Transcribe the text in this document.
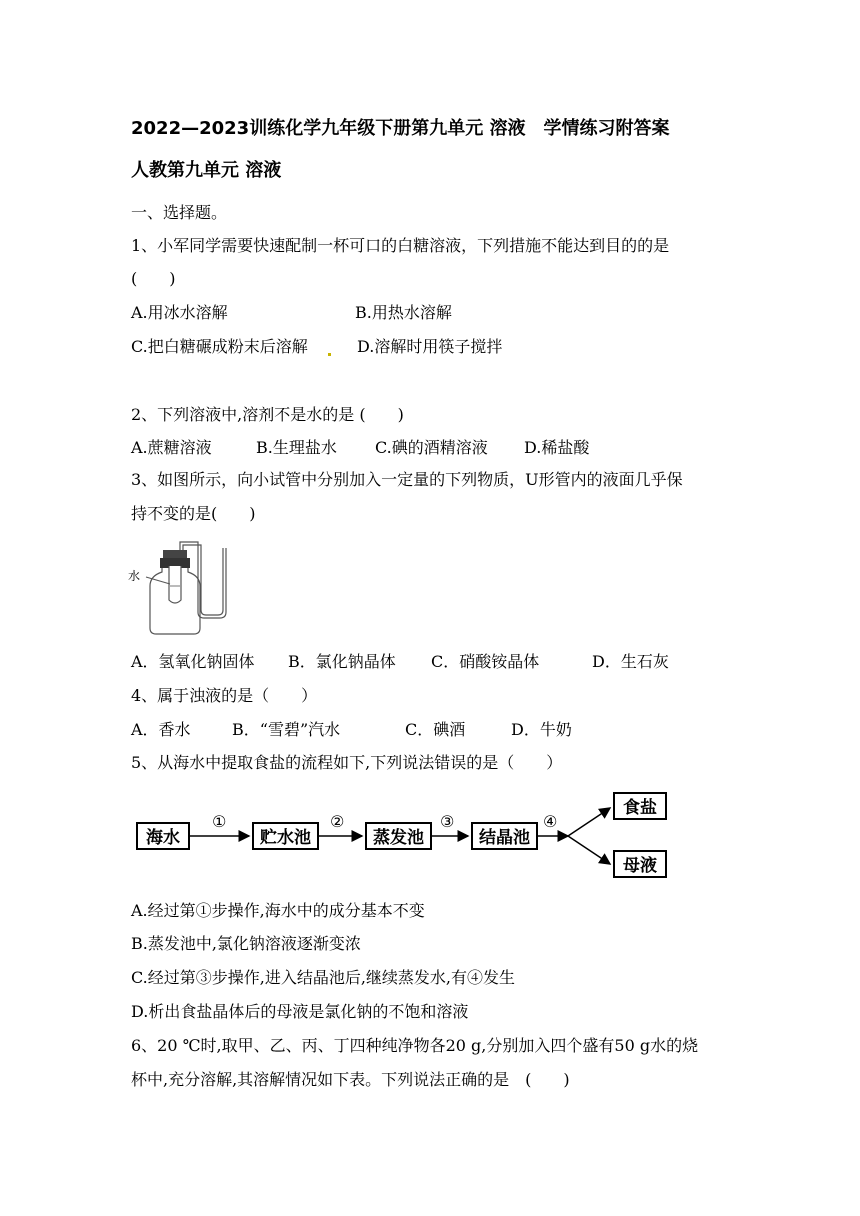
2022—2023训练化学九年级下册第九单元 溶液　学情练习附答案
人教第九单元 溶液
一、选择题。
1、小军同学需要快速配制一杯可口的白糖溶液，下列措施不能达到目的的是
(　　)
A.用冰水溶解	B.用热水溶解
C.把白糖碾成粉末后溶解	D.溶解时用筷子搅拌
2、下列溶液中,溶剂不是水的是 (　　)
A.蔗糖溶液	B.生理盐水 C.碘的酒精溶液 D.稀盐酸
3、如图所示，向小试管中分别加入一定量的下列物质，U形管内的液面几乎保
持不变的是(　　)
水
A．氢氧化钠固体 B．氯化钠晶体 C．硝酸铵晶体	D．生石灰
4、属于浊液的是（　　）
A．香水	B．“雪碧”汽水	C．碘酒	D．牛奶
5、从海水中提取食盐的流程如下,下列说法错误的是（　　）
海水	贮水池	蒸发池	结晶池
食盐
母液
①	②	③	④
A.经过第①步操作,海水中的成分基本不变
B.蒸发池中,氯化钠溶液逐渐变浓
C.经过第③步操作,进入结晶池后,继续蒸发水,有④发生
D.析出食盐晶体后的母液是氯化钠的不饱和溶液
6、20 ℃时,取甲、乙、丙、丁四种纯净物各20 g,分别加入四个盛有50 g水的烧
杯中,充分溶解,其溶解情况如下表。下列说法正确的是　(　　)
